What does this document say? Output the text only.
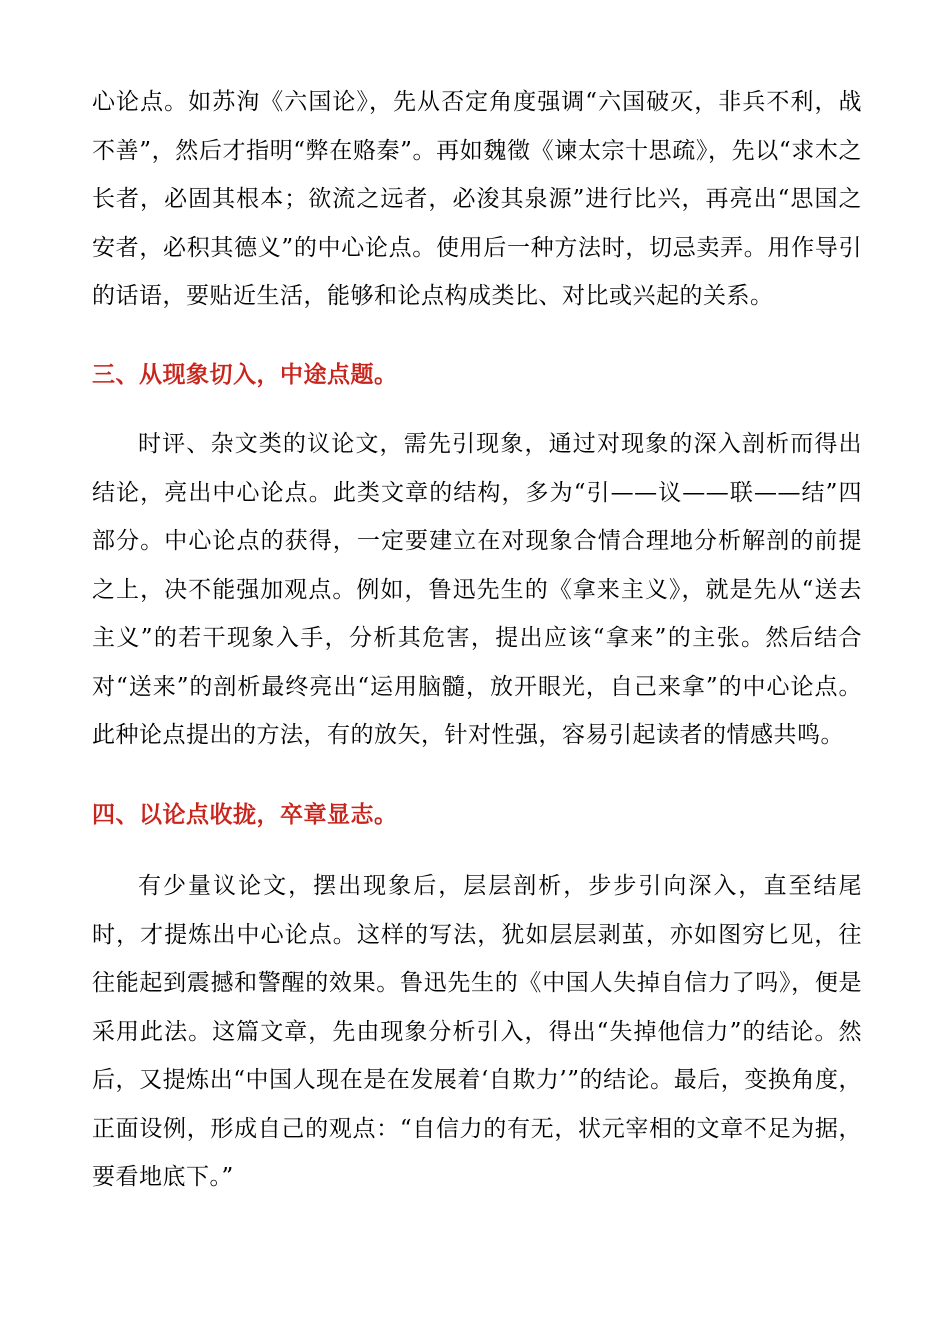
心论点。如苏洵《六国论》，先从否定角度强调“六国破灭，非兵不利，战不善”，然后才指明“弊在赂秦”。再如魏徵《谏太宗十思疏》，先以“求木之长者，必固其根本；欲流之远者，必浚其泉源”进行比兴，再亮出“思国之安者，必积其德义”的中心论点。使用后一种方法时，切忌卖弄。用作导引的话语，要贴近生活，能够和论点构成类比、对比或兴起的关系。
三、从现象切入，中途点题。
时评、杂文类的议论文，需先引现象，通过对现象的深入剖析而得出结论，亮出中心论点。此类文章的结构，多为“引——议——联——结”四部分。中心论点的获得，一定要建立在对现象合情合理地分析解剖的前提之上，决不能强加观点。例如，鲁迅先生的《拿来主义》，就是先从“送去主义”的若干现象入手，分析其危害，提出应该“拿来”的主张。然后结合对“送来”的剖析最终亮出“运用脑髓，放开眼光，自己来拿”的中心论点。此种论点提出的方法，有的放矢，针对性强，容易引起读者的情感共鸣。
四、以论点收拢，卒章显志。
有少量议论文，摆出现象后，层层剖析，步步引向深入，直至结尾时，才提炼出中心论点。这样的写法，犹如层层剥茧，亦如图穷匕见，往往能起到震撼和警醒的效果。鲁迅先生的《中国人失掉自信力了吗》，便是采用此法。这篇文章，先由现象分析引入，得出“失掉他信力”的结论。然后，又提炼出“中国人现在是在发展着‘自欺力’”的结论。最后，变换角度，正面设例，形成自己的观点：“自信力的有无，状元宰相的文章不足为据，要看地底下。”
